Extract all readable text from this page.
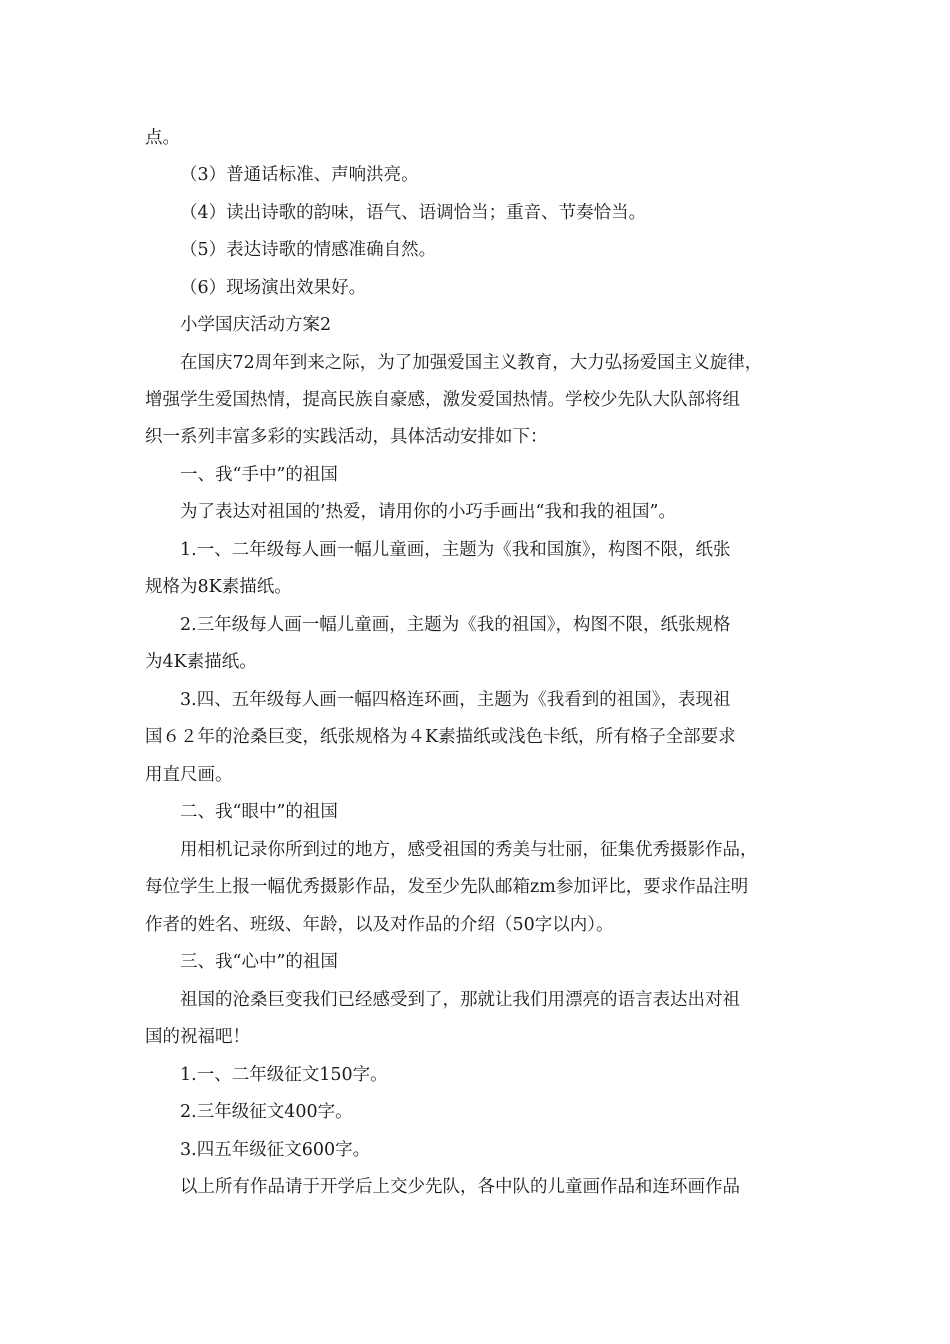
点。
（3）普通话标准、声响洪亮。
（4）读出诗歌的韵味，语气、语调恰当；重音、节奏恰当。
（5）表达诗歌的情感准确自然。
（6）现场演出效果好。
小学国庆活动方案2
在国庆72周年到来之际，为了加强爱国主义教育，大力弘扬爱国主义旋律，
增强学生爱国热情，提高民族自豪感，激发爱国热情。学校少先队大队部将组
织一系列丰富多彩的实践活动，具体活动安排如下：
一、我“手中”的祖国
为了表达对祖国的’热爱，请用你的小巧手画出“我和我的祖国”。
1.一、二年级每人画一幅儿童画，主题为《我和国旗》，构图不限，纸张
规格为8K素描纸。
2.三年级每人画一幅儿童画，主题为《我的祖国》，构图不限，纸张规格
为4K素描纸。
3.四、五年级每人画一幅四格连环画，主题为《我看到的祖国》，表现祖
国６２年的沧桑巨变，纸张规格为４K素描纸或浅色卡纸，所有格子全部要求
用直尺画。
二、我“眼中”的祖国
用相机记录你所到过的地方，感受祖国的秀美与壮丽，征集优秀摄影作品，
每位学生上报一幅优秀摄影作品，发至少先队邮箱zm参加评比，要求作品注明
作者的姓名、班级、年龄，以及对作品的介绍（50字以内）。
三、我“心中”的祖国
祖国的沧桑巨变我们已经感受到了，那就让我们用漂亮的语言表达出对祖
国的祝福吧！
1.一、二年级征文150字。
2.三年级征文400字。
3.四五年级征文600字。
以上所有作品请于开学后上交少先队，各中队的儿童画作品和连环画作品
